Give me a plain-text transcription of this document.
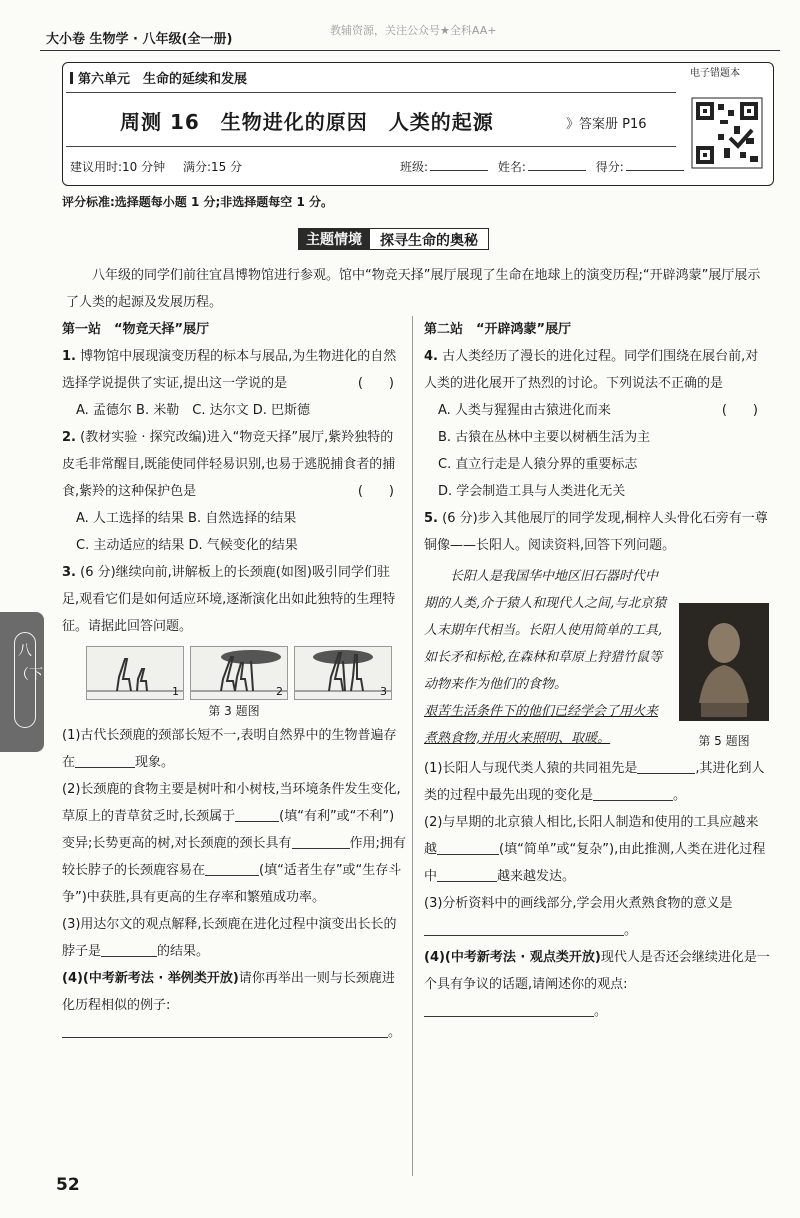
大小卷 生物学 · 八年级(全一册)
教辅资源，关注公众号★全科AA+
第六单元　生命的延续和发展
周测 16　生物进化的原因　人类的起源	》答案册 P16
建议用时:10 分钟 满分:15 分	班级:	姓名:	得分:
电子错题本
评分标准:选择题每小题 1 分;非选择题每空 1 分。
主题情境	探寻生命的奥秘
八年级的同学们前往宜昌博物馆进行参观。馆中“物竞天择”展厅展现了生命在地球上的演变历程;“开辟鸿蒙”展厅展示了人类的起源及发展历程。

第一站　“物竞天择”展厅

1. 博物馆中展现演变历程的标本与展品,为生物进化的自然选择学说提供了实证,提出这一学说的是	(　　)

A. 孟德尔 B. 米勒　C. 达尔文 D. 巴斯德

2. (教材实验 · 探究改编)进入“物竞天择”展厅,紫羚独特的皮毛非常醒目,既能使同伴轻易识别,也易于逃脱捕食者的捕食,紫羚的这种保护色是	(　　)

A. 人工选择的结果 B. 自然选择的结果

C. 主动适应的结果 D. 气候变化的结果

3. (6 分)继续向前,讲解板上的长颈鹿(如图)吸引同学们驻足,观看它们是如何适应环境,逐渐演化出如此独特的生理特征。请据此回答问题。

1	2	3

第 3 题图

(1)古代长颈鹿的颈部长短不一,表明自然界中的生物普遍存在	现象。

(2)长颈鹿的食物主要是树叶和小树枝,当环境条件发生变化,草原上的青草贫乏时,长颈属于	(填“有利”或“不利”)变异;长势更高的树,对长颈鹿的颈长具有	作用;拥有较长脖子的长颈鹿容易在	(填“适者生存”或“生存斗争”)中获胜,具有更高的生存率和繁殖成功率。

(3)用达尔文的观点解释,长颈鹿在进化过程中演变出长长的脖子是	的结果。

(4)(中考新考法 · 举例类开放)请你再举出一则与长颈鹿进化历程相似的例子:

。

第二站　“开辟鸿蒙”展厅

4. 古人类经历了漫长的进化过程。同学们围绕在展台前,对人类的进化展开了热烈的讨论。下列说法不正确的是
(　　)

A. 人类与猩猩由古猿进化而来

B. 古猿在丛林中主要以树栖生活为主

C. 直立行走是人猿分界的重要标志

D. 学会制造工具与人类进化无关

5. (6 分)步入其他展厅的同学发现,桐梓人头骨化石旁有一尊铜像——长阳人。阅读资料,回答下列问题。

第 5 题图

长阳人是我国华中地区旧石器时代中期的人类,介于猿人和现代人之间,与北京猿人末期年代相当。长阳人使用简单的工具,如长矛和标枪,在森林和草原上狩猎竹鼠等动物来作为他们的食物。

艰苦生活条件下的他们已经学会了用火来煮熟食物,并用火来照明、取暖。

(1)长阳人与现代类人猿的共同祖先是	,其进化到人类的过程中最先出现的变化是	。

(2)与早期的北京猿人相比,长阳人制造和使用的工具应越来越	(填“简单”或“复杂”),由此推测,人类在进化过程中	越来越发达。

(3)分析资料中的画线部分,学会用火煮熟食物的意义是。

(4)(中考新考法 · 观点类开放)现代人是否还会继续进化是一个具有争议的话题,请阐述你的观点:。

八（下）
52
